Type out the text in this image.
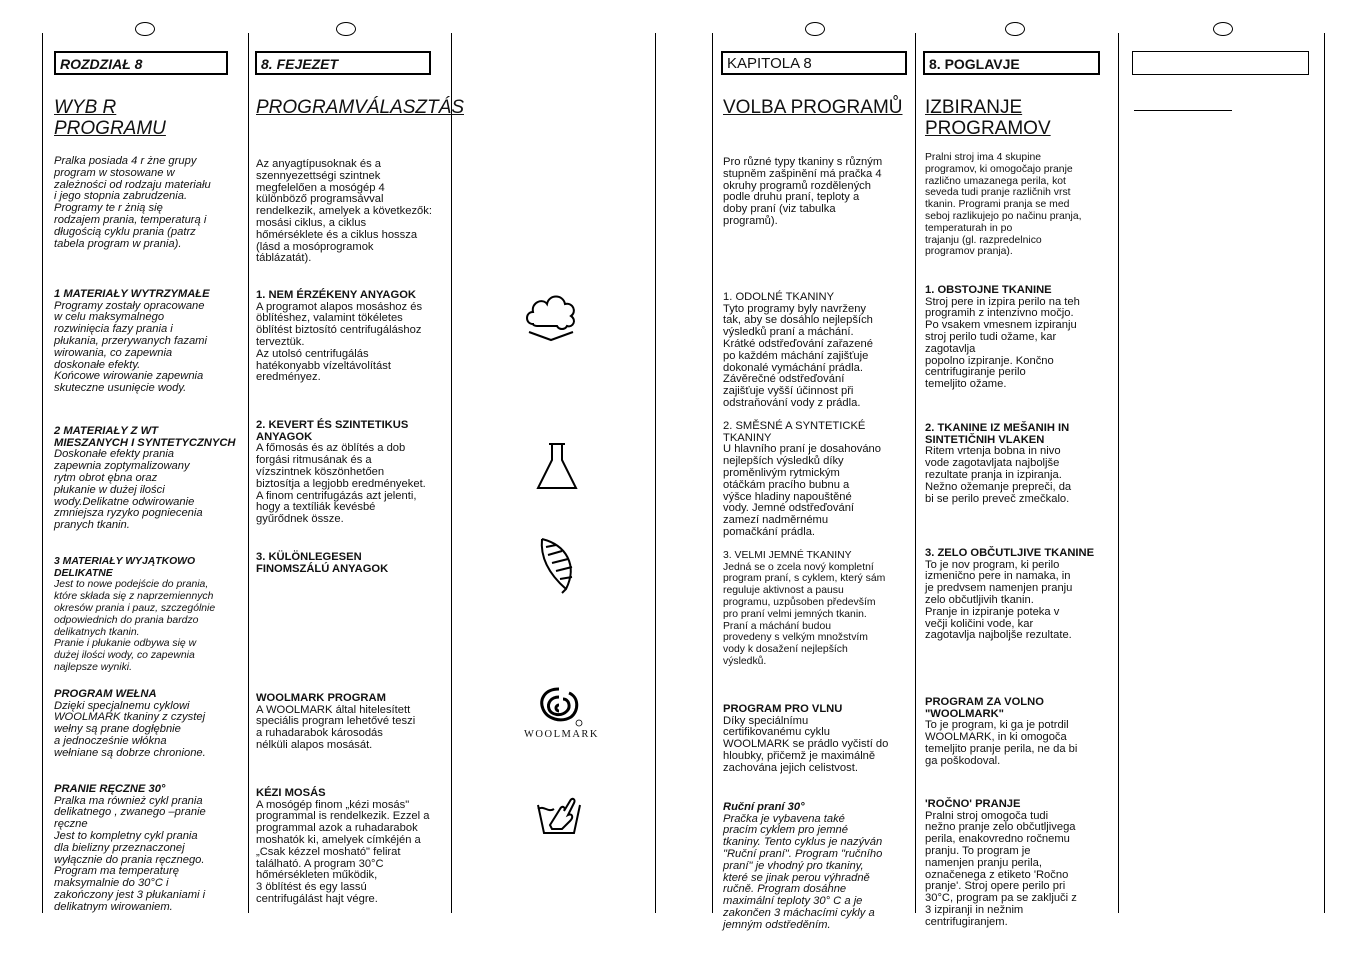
ROZDZIAŁ 8
WYB R
PROGRAMU
Pralka posiada 4 r żne grupy
program w stosowane w
zależności od rodzaju materiału
i jego stopnia zabrudzenia.
Programy te r żnią się
rodzajem prania, temperaturą i
długością cyklu prania (patrz
tabela program w prania).

1 MATERIAŁY WYTRZYMAŁE
Programy zostały opracowane
w celu maksymalnego
rozwinięcia fazy prania i
płukania, przerywanych fazami
wirowania, co zapewnia
doskonałe efekty.
Końcowe wirowanie zapewnia
skuteczne usunięcie wody.

2 MATERIAŁY Z WT
MIESZANYCH I SYNTETYCZNYCH
Doskonałe efekty prania
zapewnia zoptymalizowany
rytm obrot ębna oraz
płukanie w dużej ilości
wody.Delikatne odwirowanie
zmniejsza ryzyko pogniecenia
pranych tkanin.

3 MATERIAŁY WYJĄTKOWO
DELIKATNE
Jest to nowe podejście do prania,
które składa się z naprzemiennych
okresów prania i pauz, szczególnie
odpowiednich do prania bardzo
delikatnych tkanin.
Pranie i płukanie odbywa się w
dużej ilości wody, co zapewnia
najlepsze wyniki.

PROGRAM WEŁNA
Dzięki specjalnemu cyklowi
WOOLMARK tkaniny z czystej
wełny są prane dogłębnie
a jednocześnie włókna
wełniane są dobrze chronione.

PRANIE RĘCZNE 30°
Pralka ma również cykl prania
delikatnego , zwanego –pranie
ręczne
Jest to kompletny cykl prania
dla bielizny przeznaczonej
wyłącznie do prania ręcznego.
Program ma temperaturę
maksymalnie do 30°C i
zakończony jest 3 płukaniami i
delikatnym wirowaniem.

8. FEJEZET
PROGRAMVÁLASZTÁS
Az anyagtípusoknak és a
szennyezettségi szintnek
megfelelően a mosógép 4
különböző programsávval
rendelkezik, amelyek a következők:
mosási ciklus, a ciklus
hőmérséklete és a ciklus hossza
(lásd a mosóprogramok
táblázatát).

1. NEM ÉRZÉKENY ANYAGOK
A programot alapos mosáshoz és
öblítéshez, valamint tökéletes
öblítést biztosító centrifugáláshoz
terveztük.
Az utolsó centrifugálás
hatékonyabb vízeltávolítást
eredményez.

2. KEVERT ÉS SZINTETIKUS
ANYAGOK
A főmosás és az öblítés a dob
forgási ritmusának és a
vízszintnek köszönhetően
biztosítja a legjobb eredményeket.
A finom centrifugázás azt jelenti,
hogy a textíliák kevésbé
gyűrődnek össze.

3. KÜLÖNLEGESEN
FINOMSZÁLÚ ANYAGOK

WOOLMARK PROGRAM
A WOOLMARK által hitelesített
speciális program lehetővé teszi
a ruhadarabok károsodás
nélküli alapos mosását.

KÉZI MOSÁS
A mosógép finom „kézi mosás"
programmal is rendelkezik. Ezzel a
programmal azok a ruhadarabok
moshatók ki, amelyek címkéjén a
„Csak kézzel mosható" felirat
található. A program 30°C
hőmérsékleten működik,
3 öblítést és egy lassú
centrifugálást hajt végre.

WOOLMARK
KAPITOLA 8
VOLBA PROGRAMŮ
Pro různé typy tkaniny s různým
stupněm zašpinění má pračka 4
okruhy programů rozdělených
podle druhu praní, teploty a
doby praní (viz tabulka
programů).

1. ODOLNÉ TKANINY
Tyto programy byly navrženy
tak, aby se dosáhlo nejlepších
výsledků praní a máchání.
Krátké odstřeďování zařazené
po každém máchání zajišťuje
dokonalé vymáchání prádla.
Závěrečné odstřeďování
zajišťuje vyšší účinnost při
odstraňování vody z prádla.

2. SMĚSNÉ A SYNTETICKÉ
TKANINY
U hlavního praní je dosahováno
nejlepších výsledků díky
proměnlivým rytmickým
otáčkám pracího bubnu a
výšce hladiny napouštěné
vody. Jemné odstřeďování
zamezí nadměrnému
pomačkání prádla.

3. VELMI JEMNÉ TKANINY
Jedná se o zcela nový kompletní
program praní, s cyklem, který sám
reguluje aktivnost a pausu
programu, uzpůsoben především
pro praní velmi jemných tkanin.
Praní a máchání budou
provedeny s velkým množstvím
vody k dosažení nejlepších
výsledků.

PROGRAM PRO VLNU
Díky speciálnímu
certifikovanému cyklu
WOOLMARK se prádlo vyčistí do
hloubky, přičemž je maximálně
zachována jejich celistvost.

Ruční praní 30°
Pračka je vybavena také
pracím cyklem pro jemné
tkaniny. Tento cyklus je nazýván
"Ruční praní". Program "ručního
praní" je vhodný pro tkaniny,
které se jinak perou výhradně
ručně. Program dosáhne
maximální teploty 30° C a je
zakončen 3 máchacími cykly a
jemným odstředěním.

8. POGLAVJE
IZBIRANJE
PROGRAMOV
Pralni stroj ima 4 skupine
programov, ki omogočajo pranje
različno umazanega perila, kot
seveda tudi pranje različnih vrst
tkanin. Programi pranja se med
seboj razlikujejo po načinu pranja,
temperaturah in po
trajanju (gl. razpredelnico
programov pranja).

1. OBSTOJNE TKANINE
Stroj pere in izpira perilo na teh
programih z intenzivno močjo.
Po vsakem vmesnem izpiranju
stroj perilo tudi ožame, kar
zagotavlja
popolno izpiranje. Končno
centrifugiranje perilo
temeljito ožame.

2. TKANINE IZ MEŠANIH IN
SINTETIČNIH VLAKEN
Ritem vrtenja bobna in nivo
vode zagotavljata najboljše
rezultate pranja in izpiranja.
Nežno ožemanje prepreči, da
bi se perilo preveč zmečkalo.

3. ZELO OBČUTLJIVE TKANINE
To je nov program, ki perilo
izmenično pere in namaka, in
je predvsem namenjen pranju
zelo občutljivih tkanin.
Pranje in izpiranje poteka v
večji količini vode, kar
zagotavlja najboljše rezultate.

PROGRAM ZA VOLNO
"WOOLMARK"
To je program, ki ga je potrdil
WOOLMARK, in ki omogoča
temeljito pranje perila, ne da bi
ga poškodoval.

'ROČNO' PRANJE
Pralni stroj omogoča tudi
nežno pranje zelo občutljivega
perila, enakovredno ročnemu
pranju. To program je
namenjen pranju perila,
označenega z etiketo 'Ročno
pranje'. Stroj opere perilo pri
30°C, program pa se zaključi z
3 izpiranji in nežnim
centrifugiranjem.
